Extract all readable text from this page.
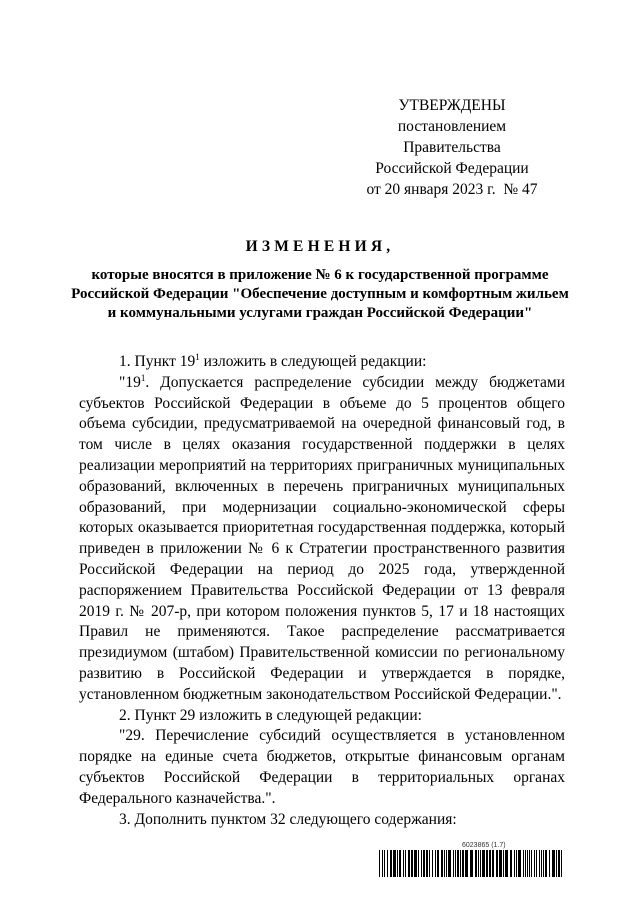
УТВЕРЖДЕНЫ
постановлением Правительства
Российской Федерации
от 20 января 2023 г.  № 47
ИЗМЕНЕНИЯ,
которые вносятся в приложение № 6 к государственной программе Российской Федерации "Обеспечение доступным и комфортным жильем и коммунальными услугами граждан Российской Федерации"

1. Пункт $19^1$ изложить в следующей редакции:

"$19^1$. Допускается распределение субсидии между бюджетами субъектов Российской Федерации в объеме до 5 процентов общего объема субсидии, предусматриваемой на очередной финансовый год, в том числе в целях оказания государственной поддержки в целях реализации мероприятий на территориях приграничных муниципальных образований, включенных в перечень приграничных муниципальных образований, при модернизации социально-экономической сферы которых оказывается приоритетная государственная поддержка, который приведен в приложении № 6 к Стратегии пространственного развития Российской Федерации на период до 2025 года, утвержденной распоряжением Правительства Российской Федерации от 13 февраля 2019 г. № 207-р, при котором положения пунктов 5, 17 и 18 настоящих Правил не применяются. Такое распределение рассматривается президиумом (штабом) Правительственной комиссии по региональному развитию в Российской Федерации и утверждается в порядке, установленном бюджетным законодательством Российской Федерации.".

2. Пункт 29 изложить в следующей редакции:

"29. Перечисление субсидий осуществляется в установленном порядке на единые счета бюджетов, открытые финансовым органам субъектов Российской Федерации в территориальных органах Федерального казначейства.".

3. Дополнить пунктом 32 следующего содержания:

6023865 (1.7)
